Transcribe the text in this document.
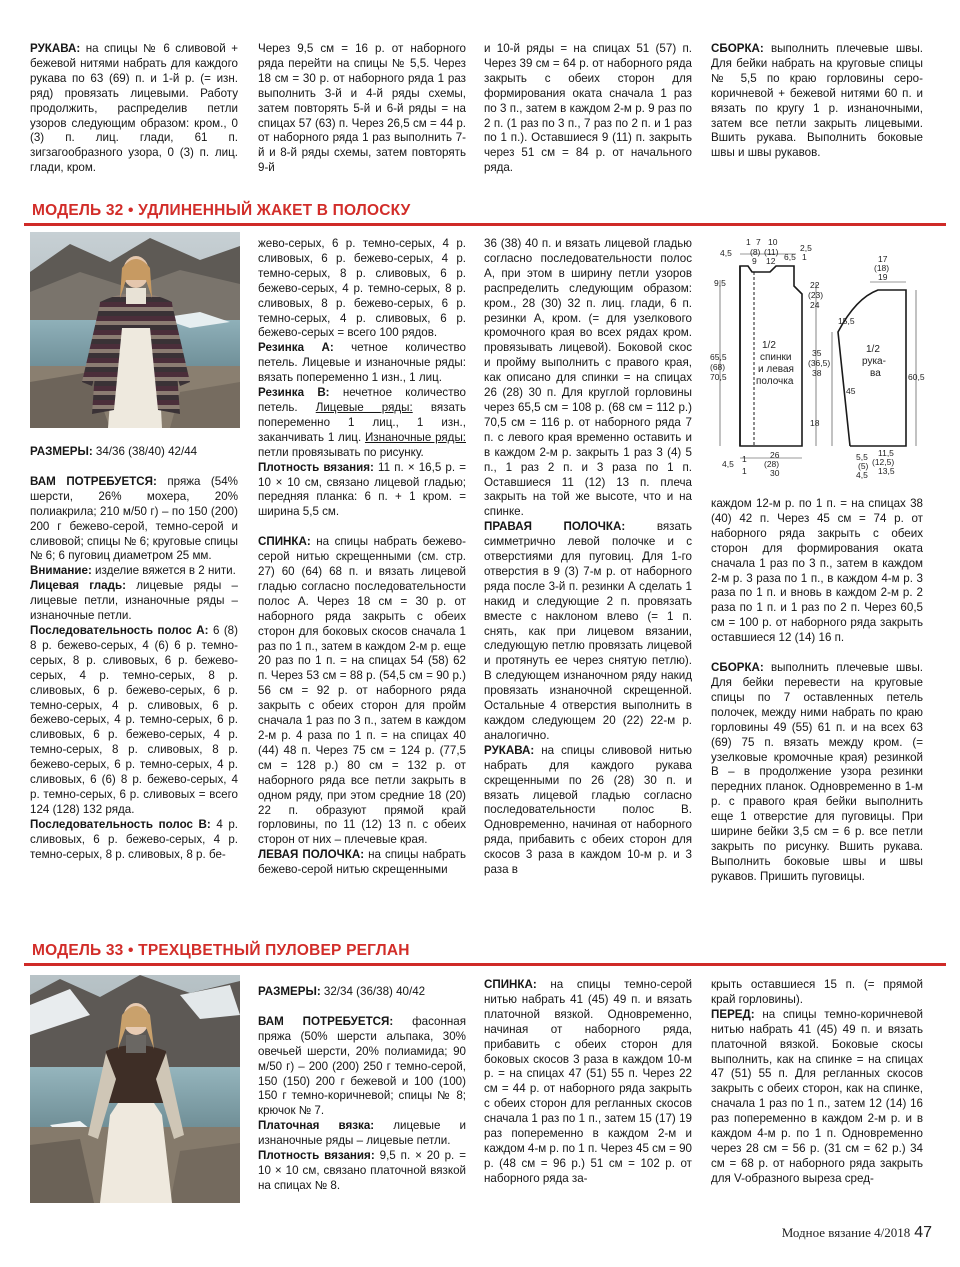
РУКАВА: на спицы № 6 сливовой + бежевой нитями набрать для каждого рукава по 63 (69) п. и 1-й р. (= изн. ряд) провязать лицевыми. Работу продолжить, распределив петли узоров следующим образом: кром., 0 (3) п. лиц. глади, 61 п. зигзагообразного узора, 0 (3) п. лиц. глади, кром.

Через 9,5 см = 16 р. от наборного ряда перейти на спицы № 5,5. Через 18 см = 30 р. от наборного ряда 1 раз выполнить 3-й и 4-й ряды схемы, затем повторять 5-й и 6-й ряды = на спицах 57 (63) п. Через 26,5 см = 44 р. от наборного ряда 1 раз выполнить 7-й и 8-й ряды схемы, затем повторять 9-й

и 10-й ряды = на спицах 51 (57) п. Через 39 см = 64 р. от наборного ряда закрыть с обеих сторон для формирования оката сначала 1 раз по 3 п., затем в каждом 2-м р. 9 раз по 2 п. (1 раз по 3 п., 7 раз по 2 п. и 1 раз по 1 п.). Оставшиеся 9 (11) п. закрыть через 51 см = 84 р. от начального ряда.

СБОРКА: выполнить плечевые швы. Для бейки набрать на круговые спицы № 5,5 по краю горловины серо-коричневой + бежевой нитями 60 п. и вязать по кругу 1 р. изнаночными, затем все петли закрыть лицевыми. Вшить рукава. Выполнить боковые швы и швы рукавов.

МОДЕЛЬ 32 • УДЛИНЕННЫЙ ЖАКЕТ В ПОЛОСКУ

РАЗМЕРЫ: 34/36 (38/40) 42/44

ВАМ ПОТРЕБУЕТСЯ: пряжа (54% шерсти, 26% мохера, 20% полиакрила; 210 м/50 г) – по 150 (200) 200 г бежево-серой, темно-серой и сливовой; спицы № 6; круговые спицы № 6; 6 пуговиц диаметром 25 мм.

Внимание: изделие вяжется в 2 нити.

Лицевая гладь: лицевые ряды – лицевые петли, изнаночные ряды – изнаночные петли.

Последовательность полос А: 6 (8) 8 р. бежево-серых, 4 (6) 6 р. темно-серых, 8 р. сливовых, 6 р. бежево-серых, 4 р. темно-серых, 8 р. сливовых, 6 р. бежево-серых, 6 р. темно-серых, 4 р. сливовых, 6 р. бежево-серых, 4 р. темно-серых, 6 р. сливовых, 6 р. бежево-серых, 4 р. темно-серых, 8 р. сливовых, 8 р. бежево-серых, 6 р. темно-серых, 4 р. сливовых, 6 (6) 8 р. бежево-серых, 4 р. темно-серых, 6 р. сливовых = всего 124 (128) 132 ряда.

Последовательность полос В: 4 р. сливовых, 6 р. бежево-серых, 4 р. темно-серых, 8 р. сливовых, 8 р. бе-

жево-серых, 6 р. темно-серых, 4 р. сливовых, 6 р. бежево-серых, 4 р. темно-серых, 8 р. сливовых, 6 р. бежево-серых, 4 р. темно-серых, 8 р. сливовых, 8 р. бежево-серых, 6 р. темно-серых, 4 р. сливовых, 6 р. бежево-серых = всего 100 рядов.

Резинка А: четное количество петель. Лицевые и изнаночные ряды: вязать попеременно 1 изн., 1 лиц.

Резинка В: нечетное количество петель. Лицевые ряды: вязать попеременно 1 лиц., 1 изн., заканчивать 1 лиц. Изнаночные ряды: петли провязывать по рисунку.

Плотность вязания: 11 п. × 16,5 р. = 10 × 10 см, связано лицевой гладью; передняя планка: 6 п. + 1 кром. = ширина 5,5 см.

СПИНКА: на спицы набрать бежево-серой нитью скрещенными (см. стр. 27) 60 (64) 68 п. и вязать лицевой гладью согласно последовательности полос А. Через 18 см = 30 р. от наборного ряда закрыть с обеих сторон для боковых скосов сначала 1 раз по 1 п., затем в каждом 2-м р. еще 20 раз по 1 п. = на спицах 54 (58) 62 п. Через 53 см = 88 р. (54,5 см = 90 р.) 56 см = 92 р. от наборного ряда закрыть с обеих сторон для пройм сначала 1 раз по 3 п., затем в каждом 2-м р. 4 раза по 1 п. = на спицах 40 (44) 48 п. Через 75 см = 124 р. (77,5 см = 128 р.) 80 см = 132 р. от наборного ряда все петли закрыть в одном ряду, при этом средние 18 (20) 22 п. образуют прямой край горловины, по 11 (12) 13 п. с обеих сторон от них – плечевые края.

ЛЕВАЯ ПОЛОЧКА: на спицы набрать бежево-серой нитью скрещенными

36 (38) 40 п. и вязать лицевой гладью согласно последовательности полос А, при этом в ширину петли узоров распределить следующим образом: кром., 28 (30) 32 п. лиц. глади, 6 п. резинки А, кром. (= для узелкового кромочного края во всех рядах кром. провязывать лицевой). Боковой скос и пройму выполнить с правого края, как описано для спинки = на спицах 26 (28) 30 п. Для круглой горловины через 65,5 см = 108 р. (68 см = 112 р.) 70,5 см = 116 р. от наборного ряда 7 п. с левого края временно оставить и в каждом 2-м р. закрыть 1 раз 3 (4) 5 п., 1 раз 2 п. и 3 раза по 1 п. Оставшиеся 11 (12) 13 п. плеча закрыть на той же высоте, что и на спинке.

ПРАВАЯ ПОЛОЧКА: вязать симметрично левой полочке и с отверстиями для пуговиц. Для 1-го отверстия в 9 (3) 7-м р. от наборного ряда после 3-й п. резинки А сделать 1 накид и следующие 2 п. провязать вместе с наклоном влево (= 1 п. снять, как при лицевом вязании, следующую петлю провязать лицевой и протянуть ее через снятую петлю). В следующем изнаночном ряду накид провязать изнаночной скрещенной. Остальные 4 отверстия выполнить в каждом следующем 20 (22) 22-м р. аналогично.

РУКАВА: на спицы сливовой нитью набрать для каждого рукава скрещенными по 26 (28) 30 п. и вязать лицевой гладью согласно последовательности полос В. Одновременно, начиная от наборного ряда, прибавить с обеих сторон для скосов 3 раза в каждом 10-м р. и 3 раза в

каждом 12-м р. по 1 п. = на спицах 38 (40) 42 п. Через 45 см = 74 р. от наборного ряда закрыть с обеих сторон для формирования оката сначала 1 раз по 3 п., затем в каждом 2-м р. 3 раза по 1 п., в каждом 4-м р. 3 раза по 1 п. и вновь в каждом 2-м р. 2 раза по 1 п. и 1 раз по 2 п. Через 60,5 см = 100 р. от наборного ряда закрыть оставшиеся 12 (14) 16 п.

СБОРКА: выполнить плечевые швы. Для бейки перевести на круговые спицы по 7 оставленных петель полочек, между ними набрать по краю горловины 49 (55) 61 п. и на всех 63 (69) 75 п. вязать между кром. (= узелковые кромочные края) резинкой В – в продолжение узора резинки передних планок. Одновременно в 1-м р. с правого края бейки выполнить еще 1 отверстие для пуговицы. При ширине бейки 3,5 см = 6 р. все петли закрыть по рисунку. Вшить рукава. Выполнить боковые швы и швы рукавов. Пришить пуговицы.

1 7 10
4,5 (8) (11)	2,5
9 12 6,5 1
9,5
65,5
(68)
70,5
22
(23)
24
35
(36,5)
38
18
26
(28)
30
4,5 1
1
1/2
спинки
и левая
полочка
17
(18)
19
15,5
45
60,5
11,5
(12,5)
13,5
5,5
(5)
4,5
1/2
рука-
ва
МОДЕЛЬ 33 • ТРЕХЦВЕТНЫЙ ПУЛОВЕР РЕГЛАН

РАЗМЕРЫ: 32/34 (36/38) 40/42

ВАМ ПОТРЕБУЕТСЯ: фасонная пряжа (50% шерсти альпака, 30% овечьей шерсти, 20% полиамида; 90 м/50 г) – 200 (200) 250 г темно-серой, 150 (150) 200 г бежевой и 100 (100) 150 г темно-коричневой; спицы № 8; крючок № 7.

Платочная вязка: лицевые и изнаночные ряды – лицевые петли.

Плотность вязания: 9,5 п. × 20 р. = 10 × 10 см, связано платочной вязкой на спицах № 8.

СПИНКА: на спицы темно-серой нитью набрать 41 (45) 49 п. и вязать платочной вязкой. Одновременно, начиная от наборного ряда, прибавить с обеих сторон для боковых скосов 3 раза в каждом 10-м р. = на спицах 47 (51) 55 п. Через 22 см = 44 р. от наборного ряда закрыть с обеих сторон для регланных скосов сначала 1 раз по 1 п., затем 15 (17) 19 раз попеременно в каждом 2-м и каждом 4-м р. по 1 п. Через 45 см = 90 р. (48 см = 96 р.) 51 см = 102 р. от наборного ряда за-

крыть оставшиеся 15 п. (= прямой край горловины).

ПЕРЕД: на спицы темно-коричневой нитью набрать 41 (45) 49 п. и вязать платочной вязкой. Боковые скосы выполнить, как на спинке = на спицах 47 (51) 55 п. Для регланных скосов закрыть с обеих сторон, как на спинке, сначала 1 раз по 1 п., затем 12 (14) 16 раз попеременно в каждом 2-м р. и в каждом 4-м р. по 1 п. Одновременно через 28 см = 56 р. (31 см = 62 р.) 34 см = 68 р. от наборного ряда закрыть для V-образного выреза сред-

Модное вязание 4/2018 47
